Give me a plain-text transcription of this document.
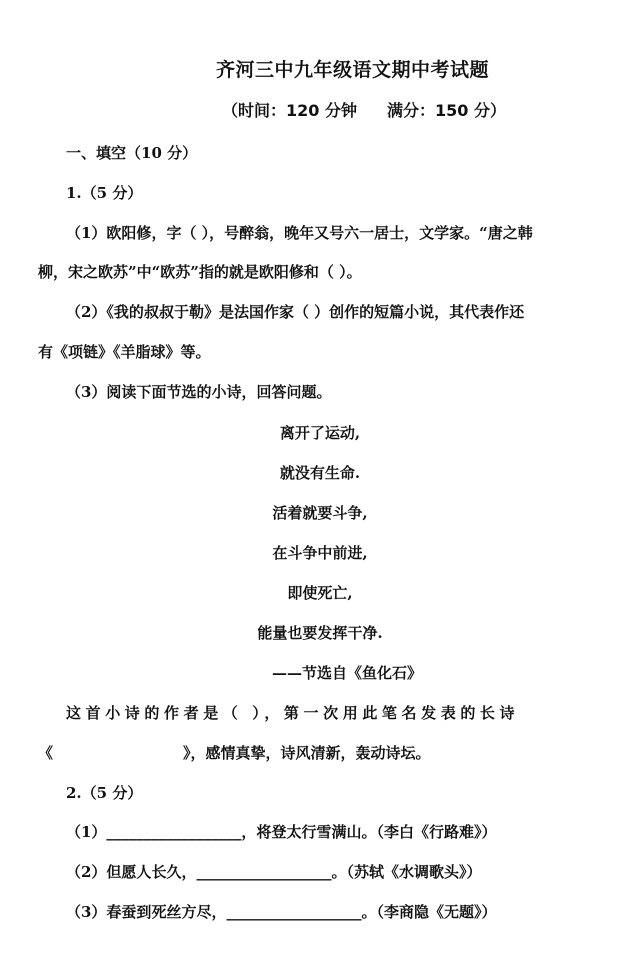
齐河三中九年级语文期中考试题
（时间：120 分钟 满分：150 分）
一、填空（10 分）
1.（5 分）
（1）欧阳修，字（ ），号醉翁，晚年又号六一居士，文学家。“唐之韩
柳，宋之欧苏”中“欧苏”指的就是欧阳修和（ ）。
（2）《我的叔叔于勒》是法国作家（ ）创作的短篇小说，其代表作还
有《项链》《羊脂球》等。
（3）阅读下面节选的小诗，回答问题。
离开了运动,
就没有生命.
活着就要斗争,
在斗争中前进,
即使死亡,
能量也要发挥干净.
——节选自《鱼化石》
这首小诗的作者是（ ），第一次用此笔名发表的长诗
《	》，感情真挚，诗风清新，轰动诗坛。
2.（5 分）
（1）__________________，将登太行雪满山。（李白《行路难》）
（2）但愿人长久，__________________。（苏轼《水调歌头》）
（3）春蚕到死丝方尽，__________________。（李商隐《无题》）
